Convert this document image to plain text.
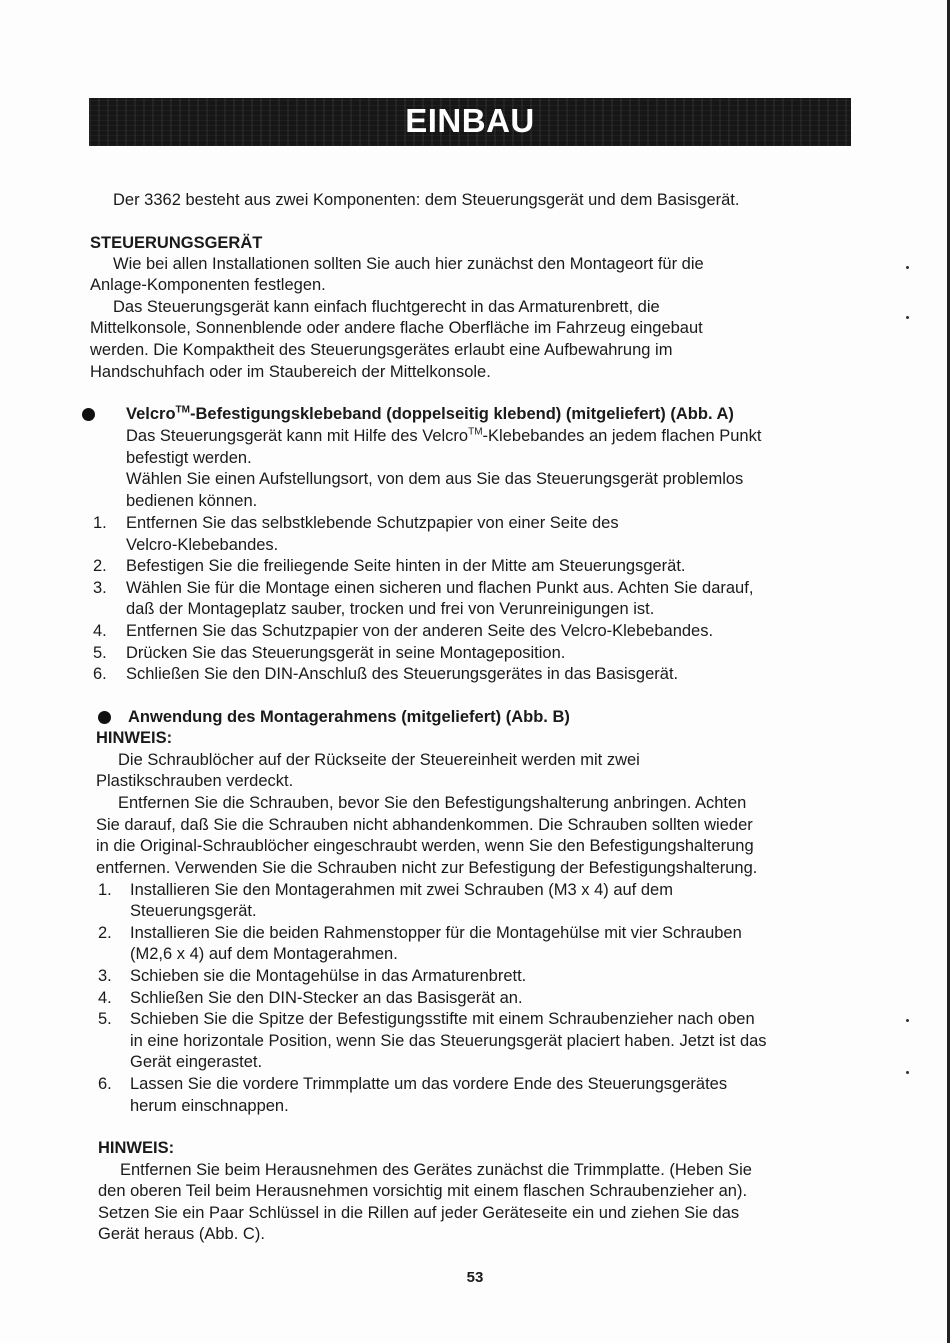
EINBAU
Der 3362 besteht aus zwei Komponenten: dem Steuerungsgerät und dem Basisgerät.
STEUERUNGSGERÄT
Wie bei allen Installationen sollten Sie auch hier zunächst den Montageort für die
Anlage-Komponenten festlegen.
Das Steuerungsgerät kann einfach fluchtgerecht in das Armaturenbrett, die
Mittelkonsole, Sonnenblende oder andere flache Oberfläche im Fahrzeug eingebaut
werden. Die Kompaktheit des Steuerungsgerätes erlaubt eine Aufbewahrung im
Handschuhfach oder im Staubereich der Mittelkonsole.
Velcro™-Befestigungsklebeband (doppelseitig klebend) (mitgeliefert) (Abb. A)
Das Steuerungsgerät kann mit Hilfe des Velcro™-Klebebandes an jedem flachen Punkt
befestigt werden.
Wählen Sie einen Aufstellungsort, von dem aus Sie das Steuerungsgerät problemlos
bedienen können.
1. Entfernen Sie das selbstklebende Schutzpapier von einer Seite des
Velcro-Klebebandes.
2. Befestigen Sie die freiliegende Seite hinten in der Mitte am Steuerungsgerät.
3. Wählen Sie für die Montage einen sicheren und flachen Punkt aus. Achten Sie darauf,
daß der Montageplatz sauber, trocken und frei von Verunreinigungen ist.
4. Entfernen Sie das Schutzpapier von der anderen Seite des Velcro-Klebebandes.
5. Drücken Sie das Steuerungsgerät in seine Montageposition.
6. Schließen Sie den DIN-Anschluß des Steuerungsgerätes in das Basisgerät.
Anwendung des Montagerahmens (mitgeliefert) (Abb. B)
HINWEIS:
Die Schraublöcher auf der Rückseite der Steuereinheit werden mit zwei
Plastikschrauben verdeckt.
Entfernen Sie die Schrauben, bevor Sie den Befestigungshalterung anbringen. Achten
Sie darauf, daß Sie die Schrauben nicht abhandenkommen. Die Schrauben sollten wieder
in die Original-Schraublöcher eingeschraubt werden, wenn Sie den Befestigungshalterung
entfernen. Verwenden Sie die Schrauben nicht zur Befestigung der Befestigungshalterung.
1. Installieren Sie den Montagerahmen mit zwei Schrauben (M3 x 4) auf dem
Steuerungsgerät.
2. Installieren Sie die beiden Rahmenstopper für die Montagehülse mit vier Schrauben
(M2,6 x 4) auf dem Montagerahmen.
3. Schieben sie die Montagehülse in das Armaturenbrett.
4. Schließen Sie den DIN-Stecker an das Basisgerät an.
5. Schieben Sie die Spitze der Befestigungsstifte mit einem Schraubenzieher nach oben
in eine horizontale Position, wenn Sie das Steuerungsgerät placiert haben. Jetzt ist das
Gerät eingerastet.
6. Lassen Sie die vordere Trimmplatte um das vordere Ende des Steuerungsgerätes
herum einschnappen.
HINWEIS:
Entfernen Sie beim Herausnehmen des Gerätes zunächst die Trimmplatte. (Heben Sie
den oberen Teil beim Herausnehmen vorsichtig mit einem flaschen Schraubenzieher an).
Setzen Sie ein Paar Schlüssel in die Rillen auf jeder Geräteseite ein und ziehen Sie das
Gerät heraus (Abb. C).
53
